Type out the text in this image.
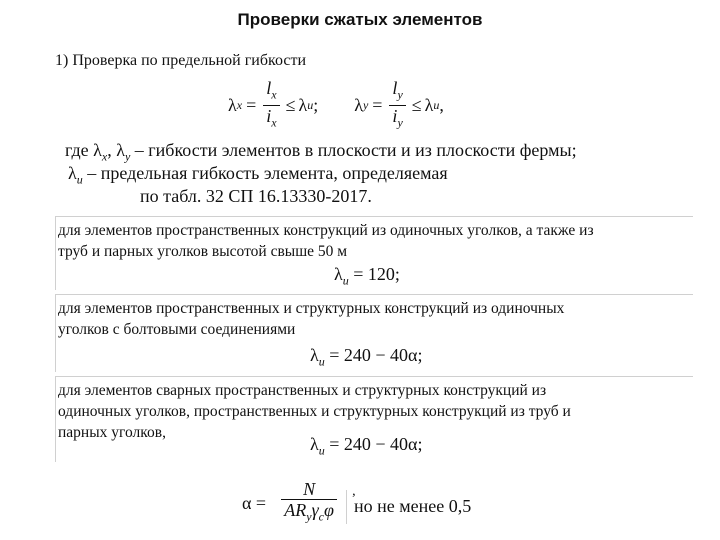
Проверки сжатых элементов
1) Проверка по предельной гибкости
λ $x = \frac{l_x}{i_x} \le \lambda$ u ; λ $y = \frac{l_y}{i_y} \le \lambda$ u ,
где $\lambda_x$, $\lambda_y$ – гибкости элементов в плоскости и из плоскости фермы;
$\lambda_u$ – предельная гибкость элемента, определяемая
по табл. 32 СП 16.13330-2017.
для элементов пространственных конструкций из одиночных уголков, а также из
труб и парных уголков высотой свыше 50 м
$\lambda_u = 120$;
для элементов пространственных и структурных конструкций из одиночных
уголков с болтовыми соединениями
$\lambda_u = 240 - 40\alpha$;
для элементов сварных пространственных и структурных конструкций из
одиночных уголков, пространственных и структурных конструкций из труб и
парных уголков,
$\lambda_u = 240 - 40\alpha$;
$\alpha = \frac{N}{AR_y\gamma_c\varphi}$ ,
но не менее 0,5
